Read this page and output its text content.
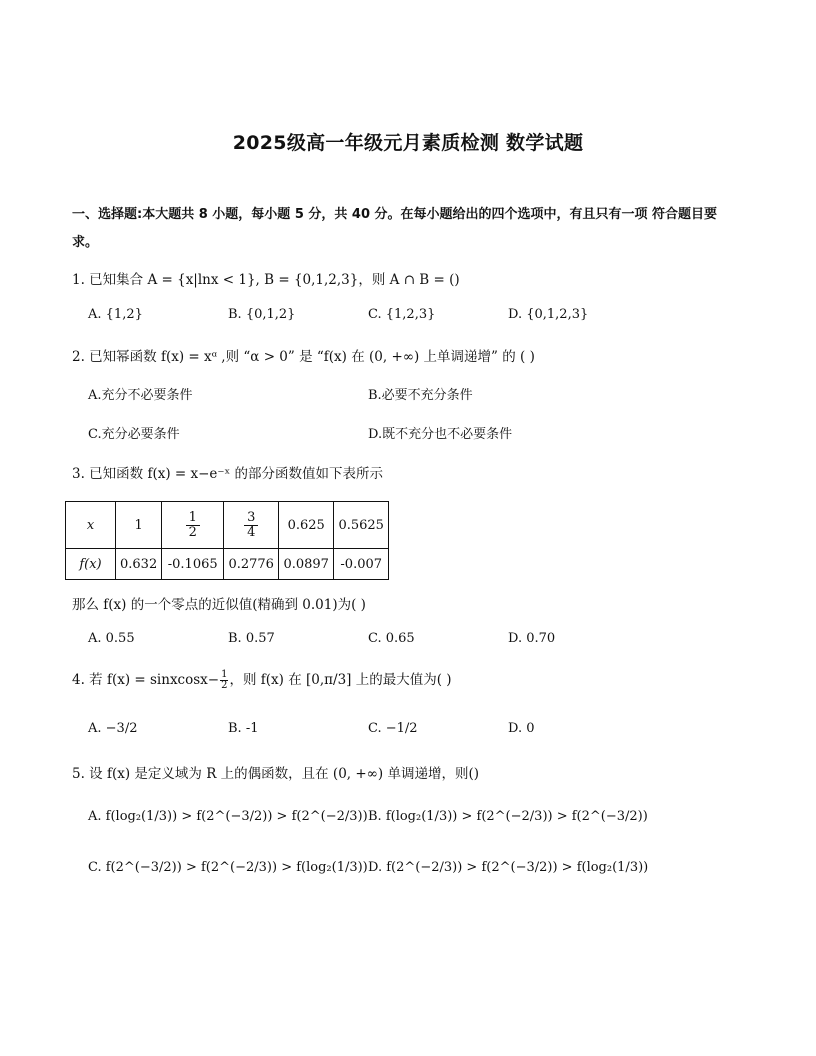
2025级高一年级元月素质检测 数学试题
一、选择题:本大题共 8 小题，每小题 5 分，共 40 分。在每小题给出的四个选项中，有且只有一项 符合题目要求。
1. 已知集合 A = {x|lnx < 1}, B = {0,1,2,3}，则 A ∩ B = ()
A. {1,2}	B. {0,1,2}	C. {1,2,3}	D. {0,1,2,3}
2. 已知幂函数 f(x) = xᵅ ,则 “α > 0” 是 “f(x) 在 (0, +∞) 上单调递增” 的 ( )
A.充分不必要条件	B.必要不充分条件
C.充分必要条件	D.既不充分也不必要条件
3. 已知函数 f(x) = x−e⁻ˣ 的部分函数值如下表所示
x	1	$\frac{1}{2}$	$\frac{3}{4}$	0.625	0.5625
f(x)	0.632	-0.1065	0.2776	0.0897	-0.007
那么 f(x) 的一个零点的近似值(精确到 0.01)为( )
A. 0.55	B. 0.57	C. 0.65	D. 0.70
4. 若 f(x) = sinxcosx− $\frac{1}{2}$ ，则 f(x) 在 [0,π/3] 上的最大值为( )
A. −3/2	B. -1	C. −1/2	D. 0
5. 设 f(x) 是定义域为 R 上的偶函数，且在 (0, +∞) 单调递增，则()
A. f(log₂(1/3)) > f(2^(−3/2)) > f(2^(−2/3)) B. f(log₂(1/3)) > f(2^(−2/3)) > f(2^(−3/2))
C. f(2^(−3/2)) > f(2^(−2/3)) > f(log₂(1/3)) D. f(2^(−2/3)) > f(2^(−3/2)) > f(log₂(1/3))
